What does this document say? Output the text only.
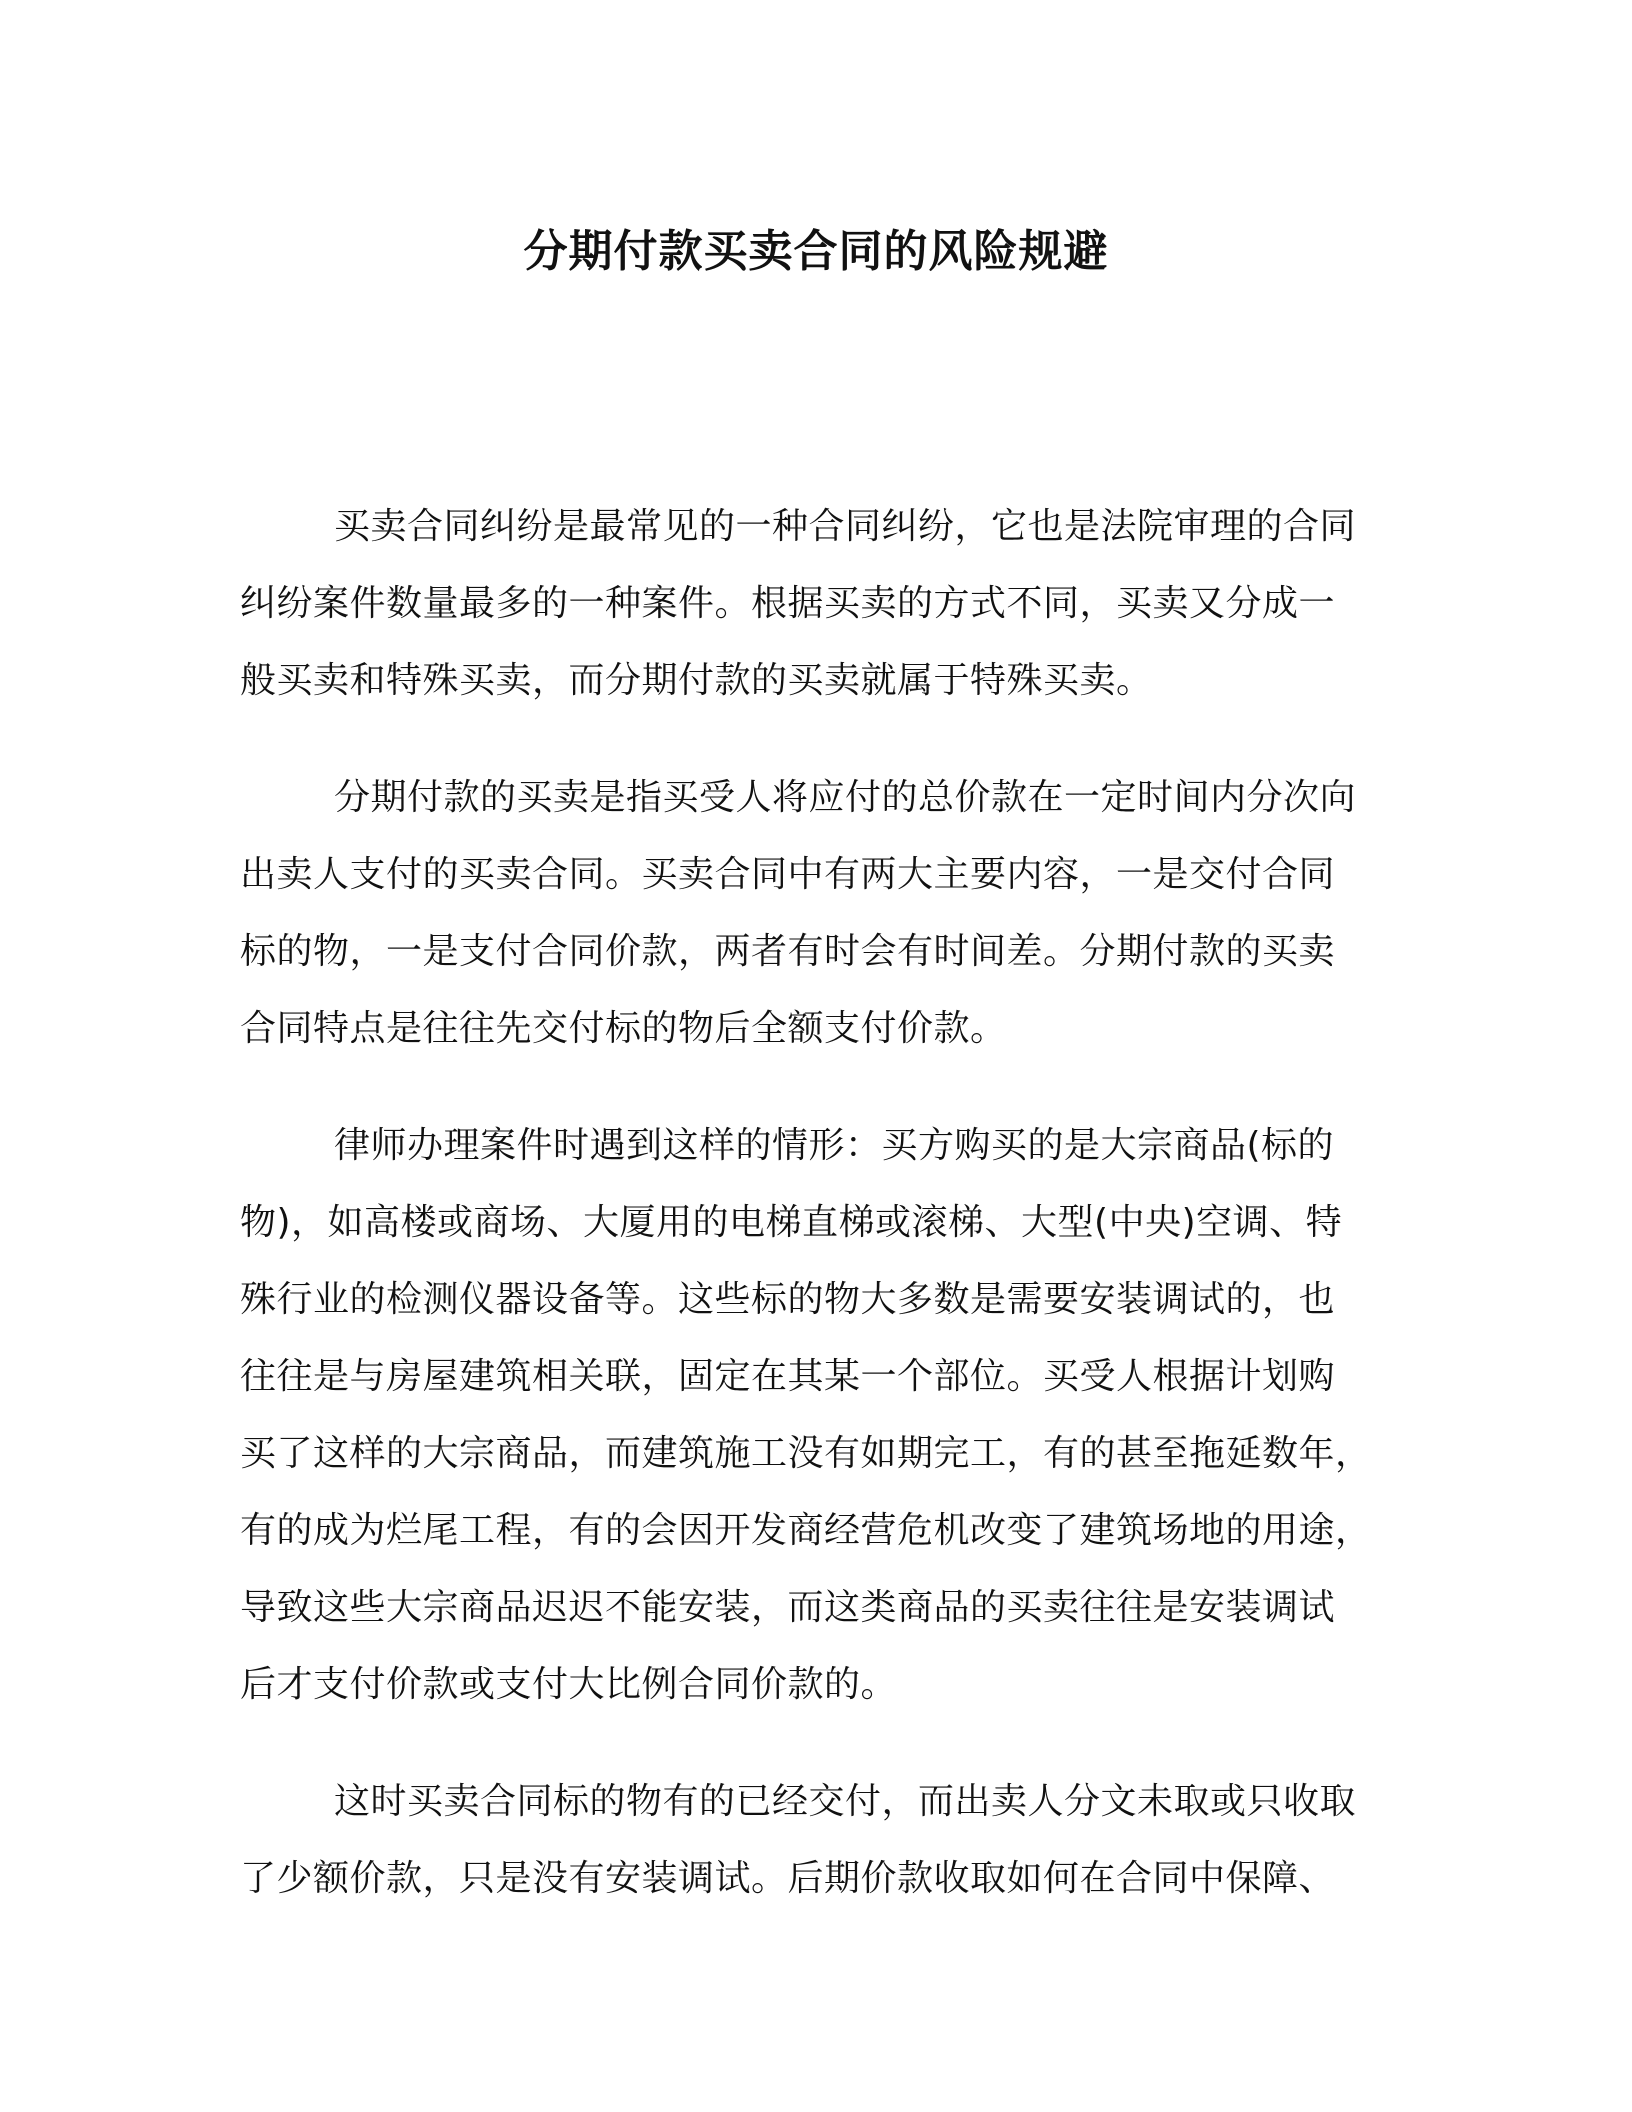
分期付款买卖合同的风险规避

买卖合同纠纷是最常见的一种合同纠纷，它也是法院审理的合同
纠纷案件数量最多的一种案件。根据买卖的方式不同，买卖又分成一
般买卖和特殊买卖，而分期付款的买卖就属于特殊买卖。

分期付款的买卖是指买受人将应付的总价款在一定时间内分次向
出卖人支付的买卖合同。买卖合同中有两大主要内容，一是交付合同
标的物，一是支付合同价款，两者有时会有时间差。分期付款的买卖
合同特点是往往先交付标的物后全额支付价款。

律师办理案件时遇到这样的情形：买方购买的是大宗商品(标的
物)，如高楼或商场、大厦用的电梯直梯或滚梯、大型(中央)空调、特
殊行业的检测仪器设备等。这些标的物大多数是需要安装调试的，也
往往是与房屋建筑相关联，固定在其某一个部位。买受人根据计划购
买了这样的大宗商品，而建筑施工没有如期完工，有的甚至拖延数年，
有的成为烂尾工程，有的会因开发商经营危机改变了建筑场地的用途，
导致这些大宗商品迟迟不能安装，而这类商品的买卖往往是安装调试
后才支付价款或支付大比例合同价款的。

这时买卖合同标的物有的已经交付，而出卖人分文未取或只收取
了少额价款，只是没有安装调试。后期价款收取如何在合同中保障、
